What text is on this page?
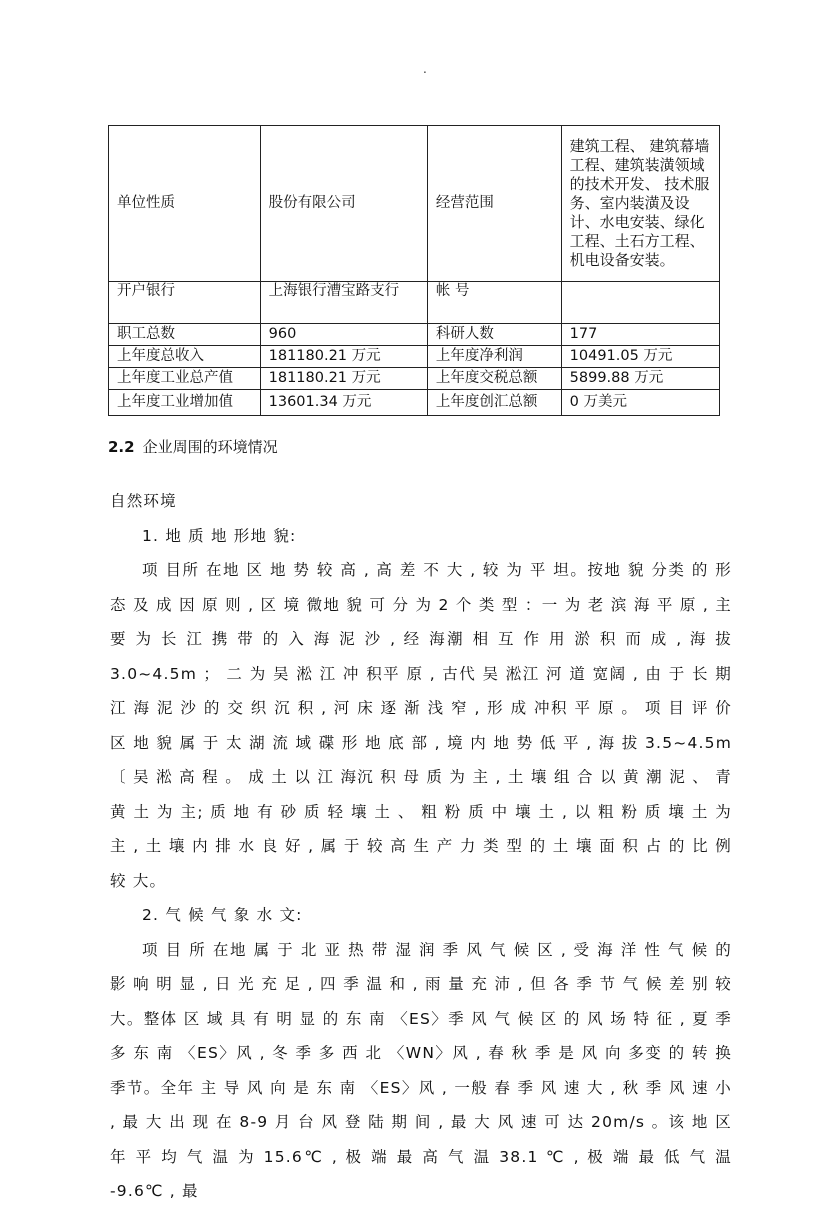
.
单位性质	股份有限公司	经营范围	建筑工程、 建筑幕墙工程、建筑装潢领域的技术开发、 技术服务、室内装潢及设计、水电安装、绿化工程、土石方工程、机电设备安装。
开户银行	上海银行漕宝路支行	帐 号	
职工总数	960	科研人数	177
上年度总收入	181180.21 万元	上年度净利润	10491.05 万元
上年度工业总产值	181180.21 万元	上年度交税总额	5899.88 万元
上年度工业增加值	13601.34 万元	上年度创汇总额	0 万美元
2.2 企业周围的环境情况

自然环境

1. 地 质 地 形地 貌:

项 目所 在地 区 地 势 较 高 , 高 差 不 大 , 较 为 平 坦。按地 貌 分类 的 形 态 及 成 因 原 则 , 区 境 微地 貌 可 分 为 2 个 类 型 ：一 为 老 滨 海 平 原 , 主 要 为 长 江 携 带 的 入 海 泥 沙 , 经 海潮 相 互 作 用 淤 积 而 成 , 海 拔 3.0~4.5m ； 二 为 吴 淞 江 冲 积平 原 , 古代 吴 淞江 河 道 宽阔 , 由 于 长 期 江 海 泥 沙 的 交 织 沉 积 , 河 床 逐 渐 浅 窄 , 形 成 冲积 平 原 。 项 目 评 价 区 地 貌 属 于 太 湖 流 域 碟 形 地 底 部 , 境 内 地 势 低 平 , 海 拔 3.5~4.5m〔 吴 淞 高 程 。 成 土 以 江 海沉 积 母 质 为 主 , 土 壤 组 合 以 黄 潮 泥 、 青 黄 土 为 主; 质 地 有 砂 质 轻 壤 土 、 粗 粉 质 中 壤 土 , 以 粗 粉 质 壤 土 为 主 , 土 壤 内 排 水 良 好 , 属 于 较 高 生 产 力 类 型 的 土 壤 面 积 占 的 比 例 较 大。

2. 气 候 气 象 水 文:

项 目 所 在地 属 于 北 亚 热 带 湿 润 季 风 气 候 区 , 受 海 洋 性 气 候 的 影 响 明 显 , 日 光 充 足 , 四 季 温 和 , 雨 量 充 沛 , 但 各 季 节 气 候 差 别 较 大。整体 区 域 具 有 明 显 的 东 南 〈ES〉季 风 气 候 区 的 风 场 特 征 , 夏 季 多 东 南 〈ES〉风 , 冬 季 多 西 北 〈WN〉风 , 春 秋 季 是 风 向 多变 的 转 换 季节。全年 主 导 风 向 是 东 南 〈ES〉风 , 一般 春 季 风 速 大 , 秋 季 风 速 小 , 最 大 出 现 在 8-9 月 台 风 登 陆 期 间 , 最 大 风 速 可 达 20m/s 。该 地 区 年 平 均 气 温 为 15.6℃ , 极 端 最 高 气 温 38.1 ℃ , 极 端 最 低 气 温 -9.6℃ , 最
